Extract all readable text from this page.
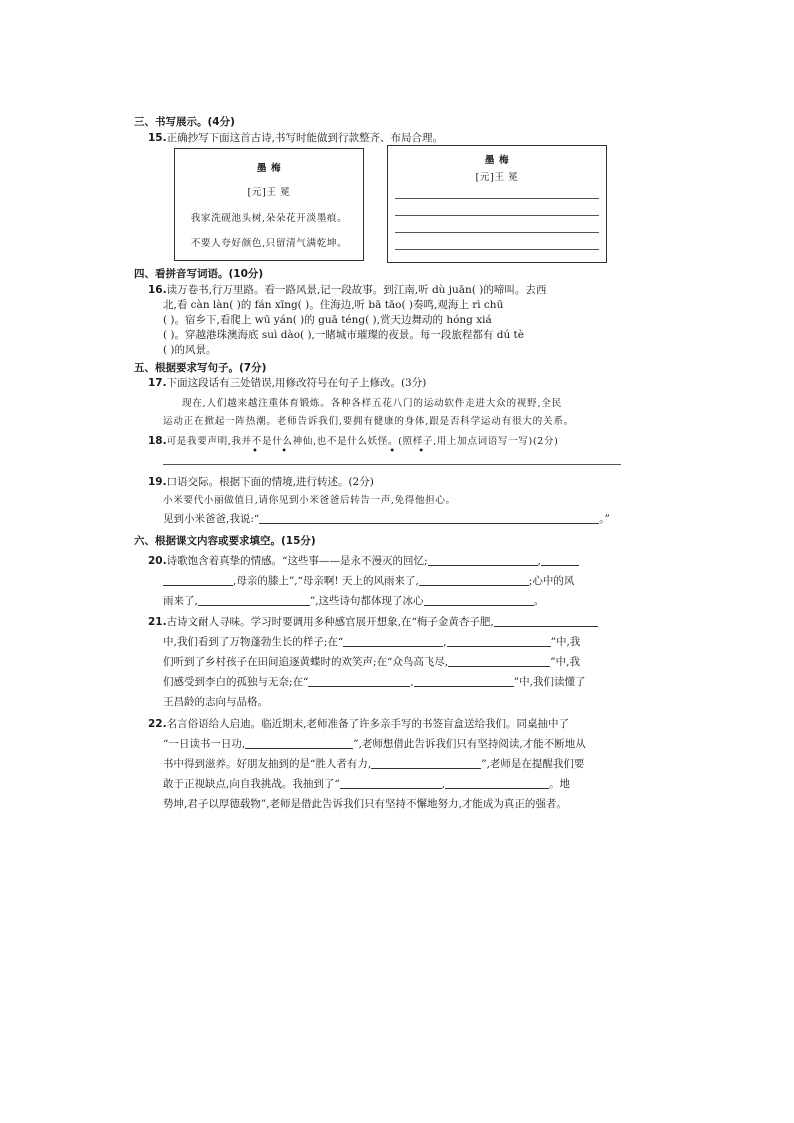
三、书写展示。(4分)
15.正确抄写下面这首古诗,书写时能做到行款整齐、布局合理。
墨 梅
[元]王 冕
我家洗砚池头树,朵朵花开淡墨痕。
不要人夸好颜色,只留清气满乾坤。
墨 梅
[元]王 冕
四、看拼音写词语。(10分)
16.读万卷书,行万里路。看一路风景,记一段故事。到江南,听 dù juān( )的啼叫。去西
北,看 càn làn( )的 fán xīng( )。住海边,听 bā tāo( )奏鸣,观海上 rì chū
( )。宿乡下,看爬上 wū yán( )的 guā téng( ),赏天边舞动的 hóng xiá
( )。穿越港珠澳海底 suì dào( ),一睹城市璀璨的夜景。每一段旅程都有 dú tè
( )的风景。
五、根据要求写句子。(7分)
17.下面这段话有三处错误,用修改符号在句子上修改。(3分)
现在,人们越来越注重体育锻炼。各种各样五花八门的运动软件走进大众的视野,全民
运动正在掀起一阵热潮。老师告诉我们,要拥有健康的身体,跟是否科学运动有很大的关系。
18.可是我要声明,我并不是什么神仙,也不是什么妖怪。(照样子,用上加点词语写一写)(2分)
• •       • •
19.口语交际。根据下面的情境,进行转述。(2分)
小米要代小丽做值日,请你见到小米爸爸后转告一声,免得他担心。
见到小米爸爸,我说:“	。”
六、根据课文内容或要求填空。(15分)
20.诗歌饱含着真挚的情感。“这些事——是永不漫灭的回忆;	,
,母亲的膝上”,“母亲啊! 天上的风雨来了,	;心中的风
雨来了,	”,这些诗句都体现了冰心	。
21.古诗文耐人寻味。学习时要调用多种感官展开想象,在“梅子金黄杏子肥,
中,我们看到了万物蓬勃生长的样子;在“	,	”中,我
们听到了乡村孩子在田间追逐黄蝶时的欢笑声;在“众鸟高飞尽,	”中,我
们感受到李白的孤独与无奈;在“	,	”中,我们读懂了
王昌龄的志向与品格。
22.名言俗语给人启迪。临近期末,老师准备了许多亲手写的书签盲盒送给我们。同桌抽中了
“一日读书一日功,	”,老师想借此告诉我们只有坚持阅读,才能不断地从
书中得到滋养。好朋友抽到的是“胜人者有力,	”,老师是在提醒我们要
敢于正视缺点,向自我挑战。我抽到了“	,	。地
势坤,君子以厚德载物”,老师是借此告诉我们只有坚持不懈地努力,才能成为真正的强者。
